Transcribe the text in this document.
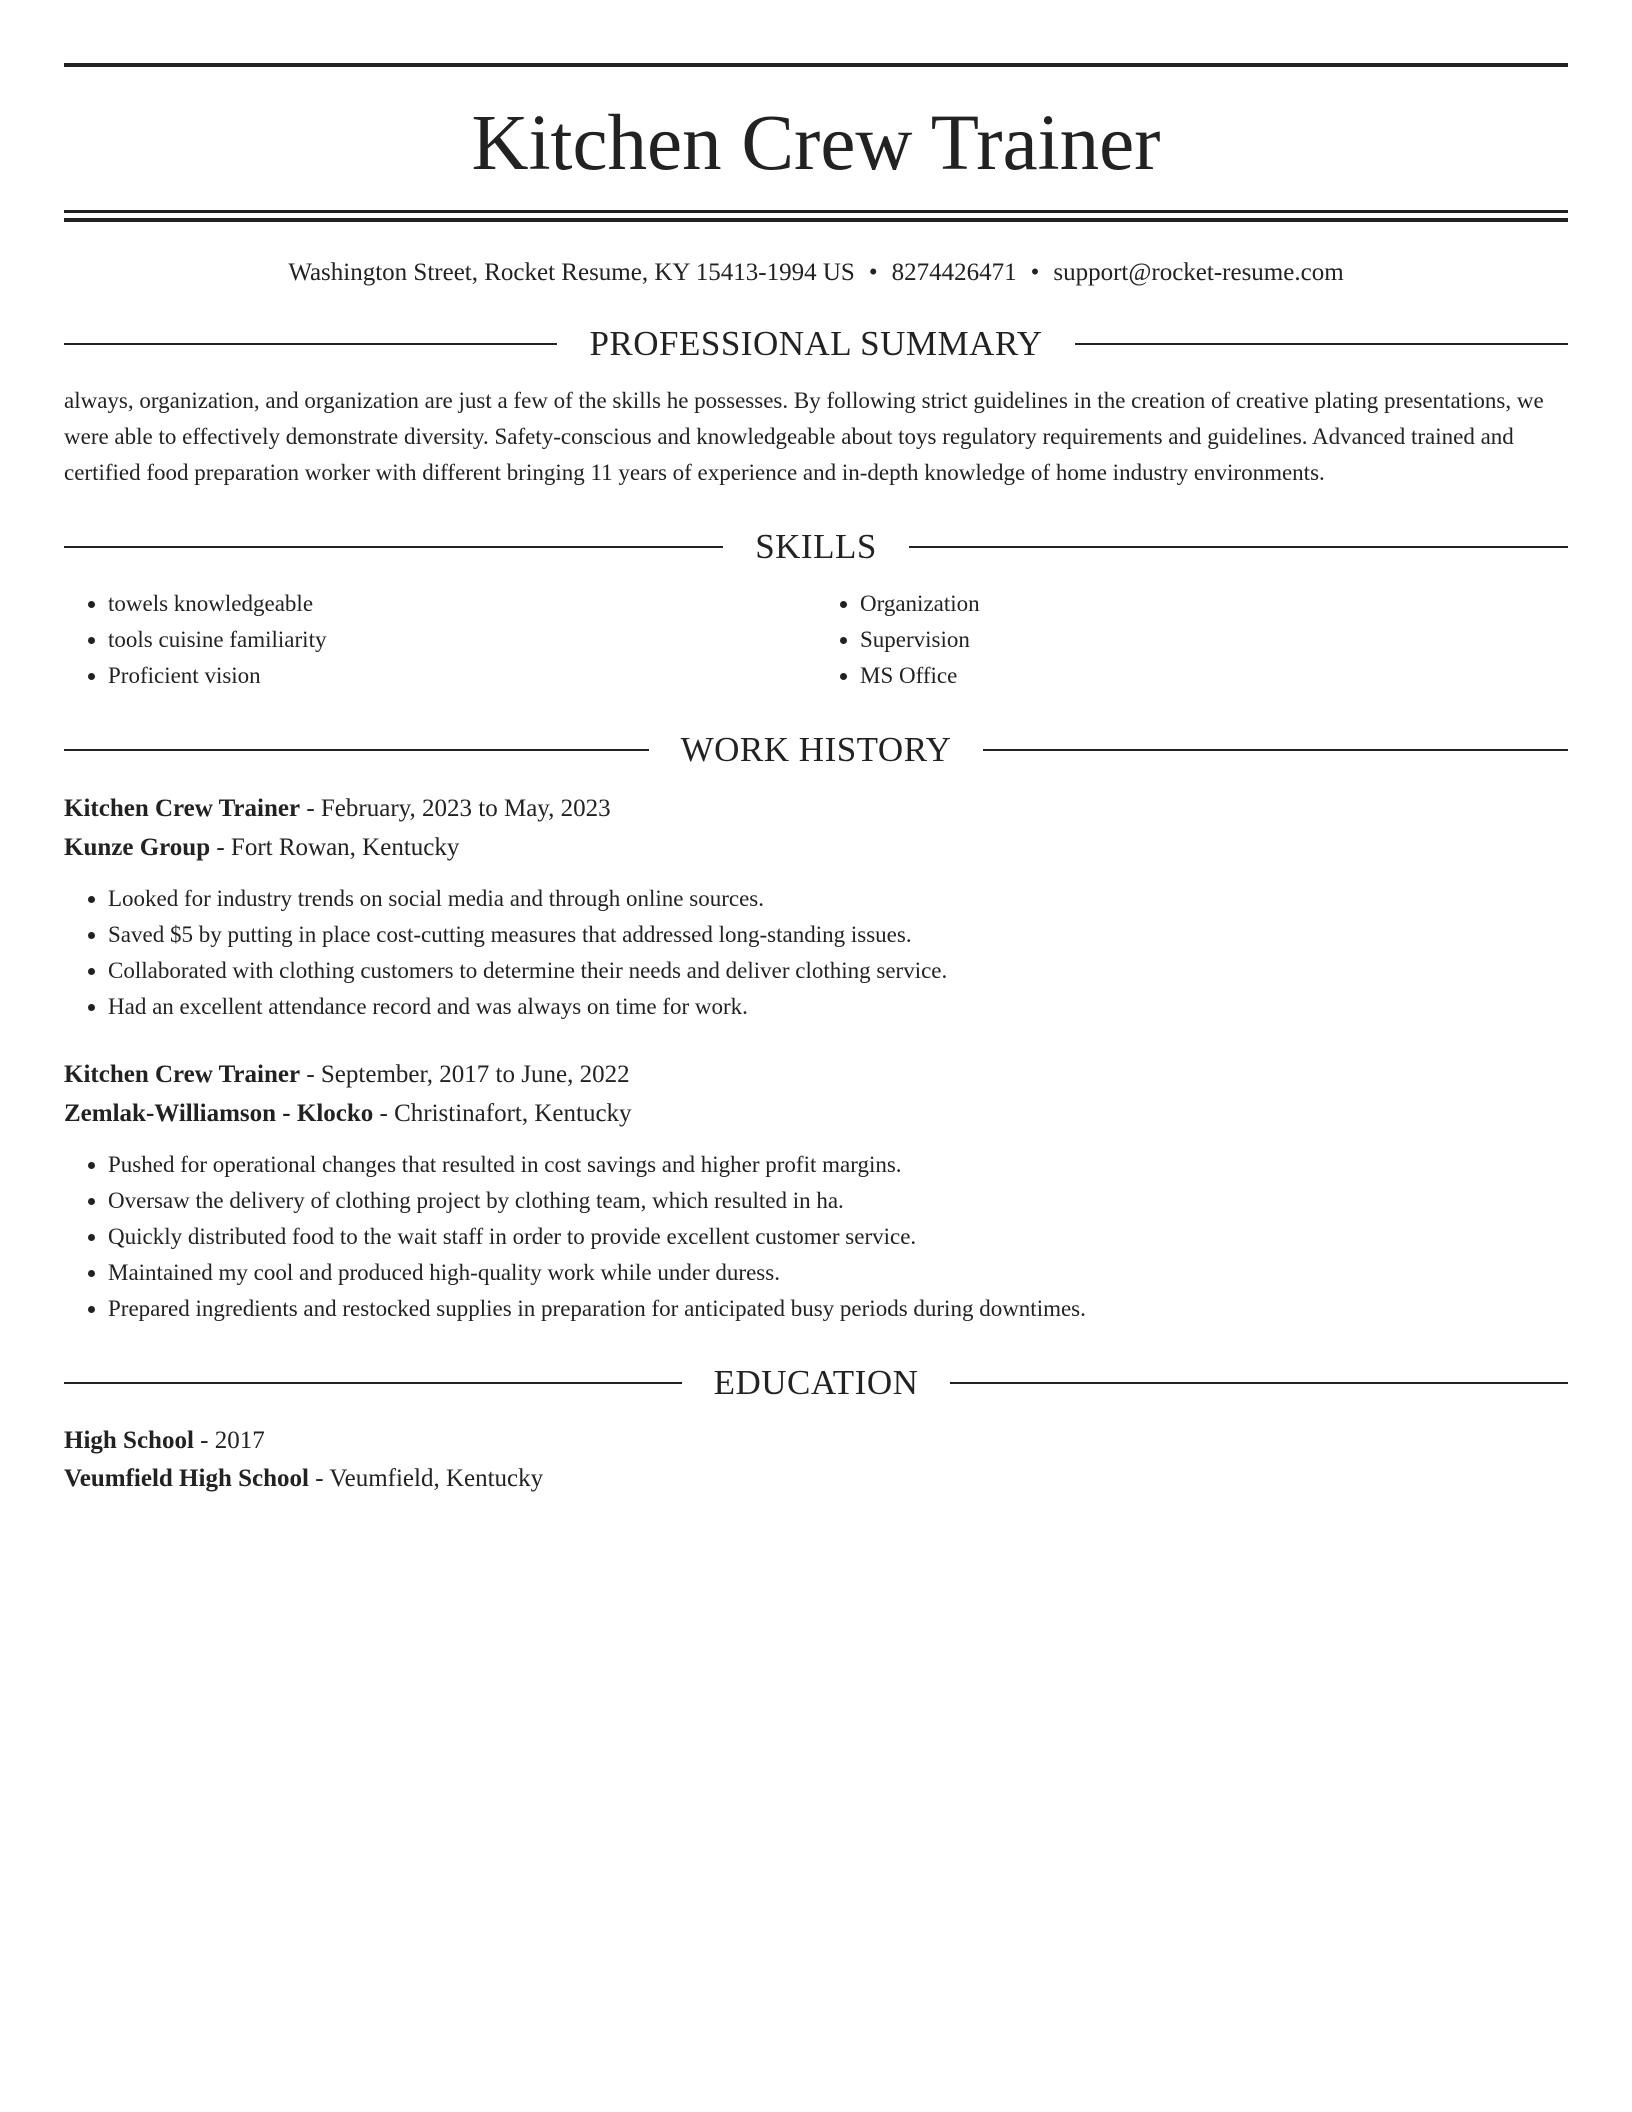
Kitchen Crew Trainer
Washington Street, Rocket Resume, KY 15413-1994 US • 8274426471 • support@rocket-resume.com
PROFESSIONAL SUMMARY
always, organization, and organization are just a few of the skills he possesses. By following strict guidelines in the creation of creative plating presentations, we were able to effectively demonstrate diversity. Safety-conscious and knowledgeable about toys regulatory requirements and guidelines. Advanced trained and certified food preparation worker with different bringing 11 years of experience and in-depth knowledge of home industry environments.
SKILLS
• towels knowledgeable
• tools cuisine familiarity
• Proficient vision
• Organization
• Supervision
• MS Office
WORK HISTORY
Kitchen Crew Trainer - February, 2023 to May, 2023
Kunze Group - Fort Rowan, Kentucky
• Looked for industry trends on social media and through online sources.
• Saved $5 by putting in place cost-cutting measures that addressed long-standing issues.
• Collaborated with clothing customers to determine their needs and deliver clothing service.
• Had an excellent attendance record and was always on time for work.
Kitchen Crew Trainer - September, 2017 to June, 2022
Zemlak-Williamson - Klocko - Christinafort, Kentucky
• Pushed for operational changes that resulted in cost savings and higher profit margins.
• Oversaw the delivery of clothing project by clothing team, which resulted in ha.
• Quickly distributed food to the wait staff in order to provide excellent customer service.
• Maintained my cool and produced high-quality work while under duress.
• Prepared ingredients and restocked supplies in preparation for anticipated busy periods during downtimes.
EDUCATION
High School - 2017
Veumfield High School - Veumfield, Kentucky
